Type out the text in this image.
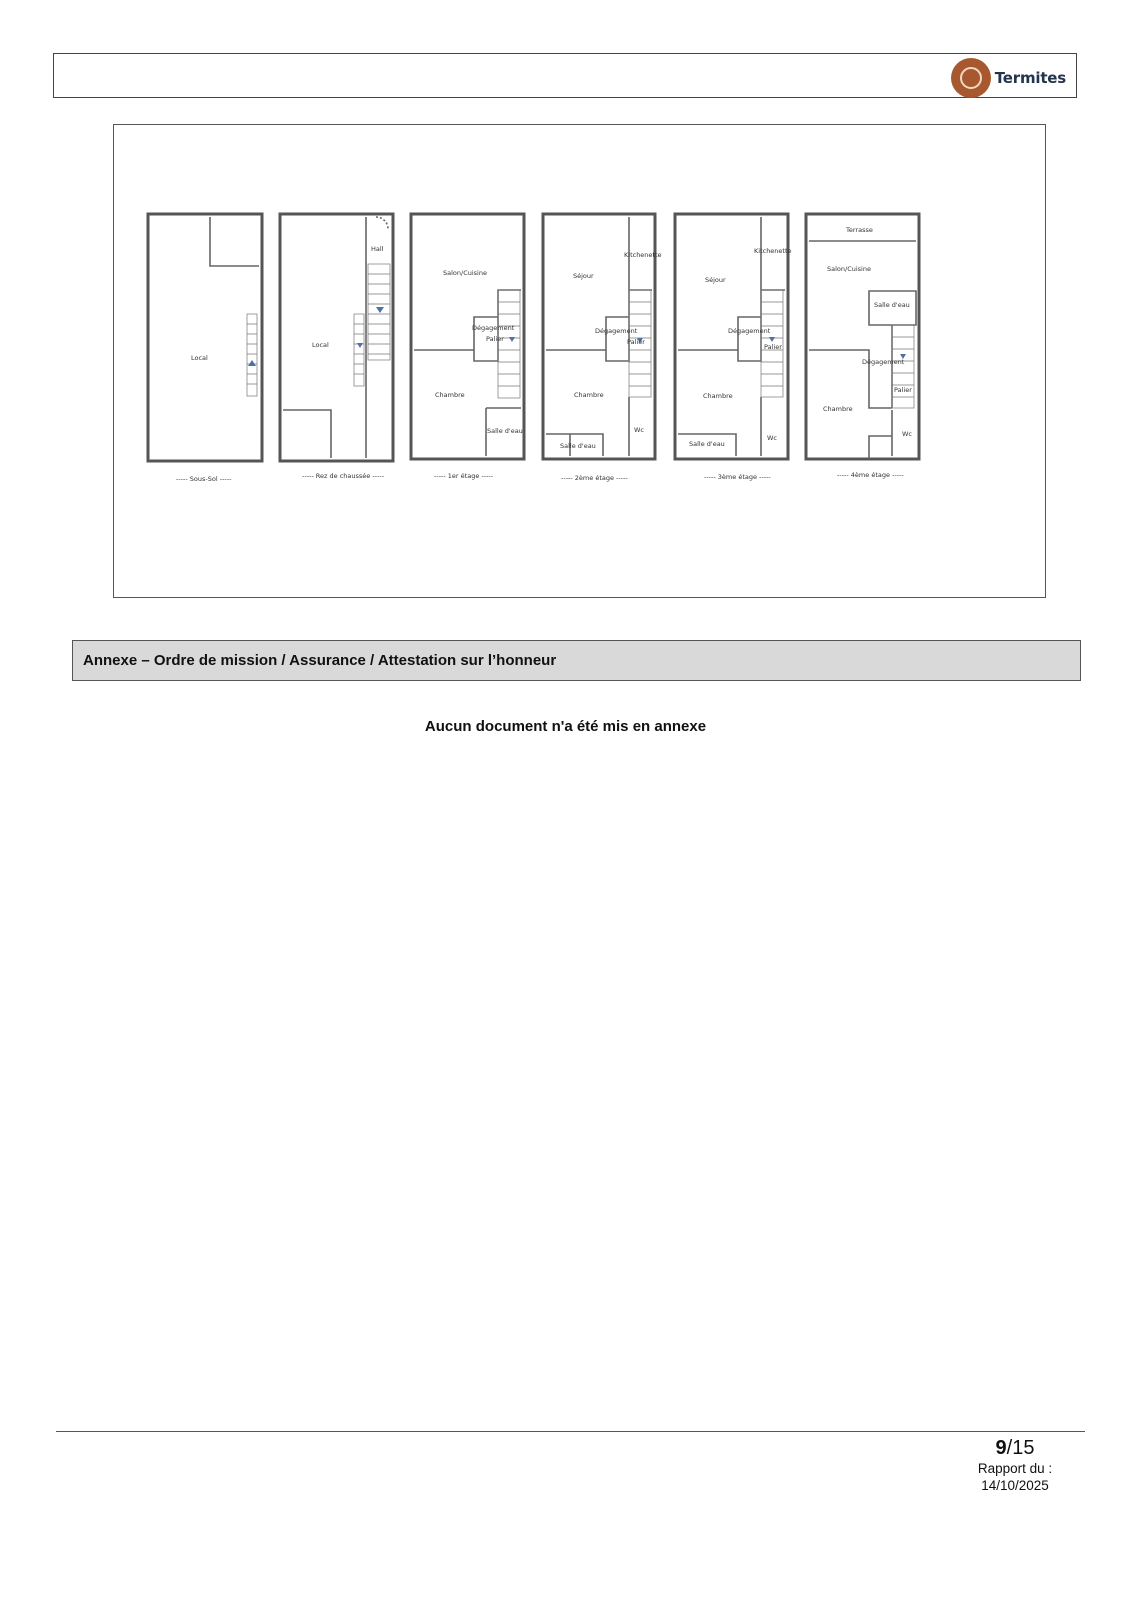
Termites
Local
----- Sous-Sol -----
Hall
Local
----- Rez de chaussée -----
Salon/Cuisine
Dégagement
Palier
Chambre
Salle d'eau
----- 1er étage -----
Kitchenette
Séjour
Dégagement
Palier
Chambre
Wc
Salle d'eau
----- 2ème étage -----
Kitchenette
Séjour
Dégagement
Palier
Chambre
Wc
Salle d'eau
----- 3ème étage -----
Terrasse
Salon/Cuisine
Salle d'eau
Dégagement
Palier
Chambre
Wc
----- 4ème étage -----
Annexe – Ordre de mission / Assurance / Attestation sur l’honneur
Aucun document n'a été mis en annexe
9/15
Rapport du :
14/10/2025
